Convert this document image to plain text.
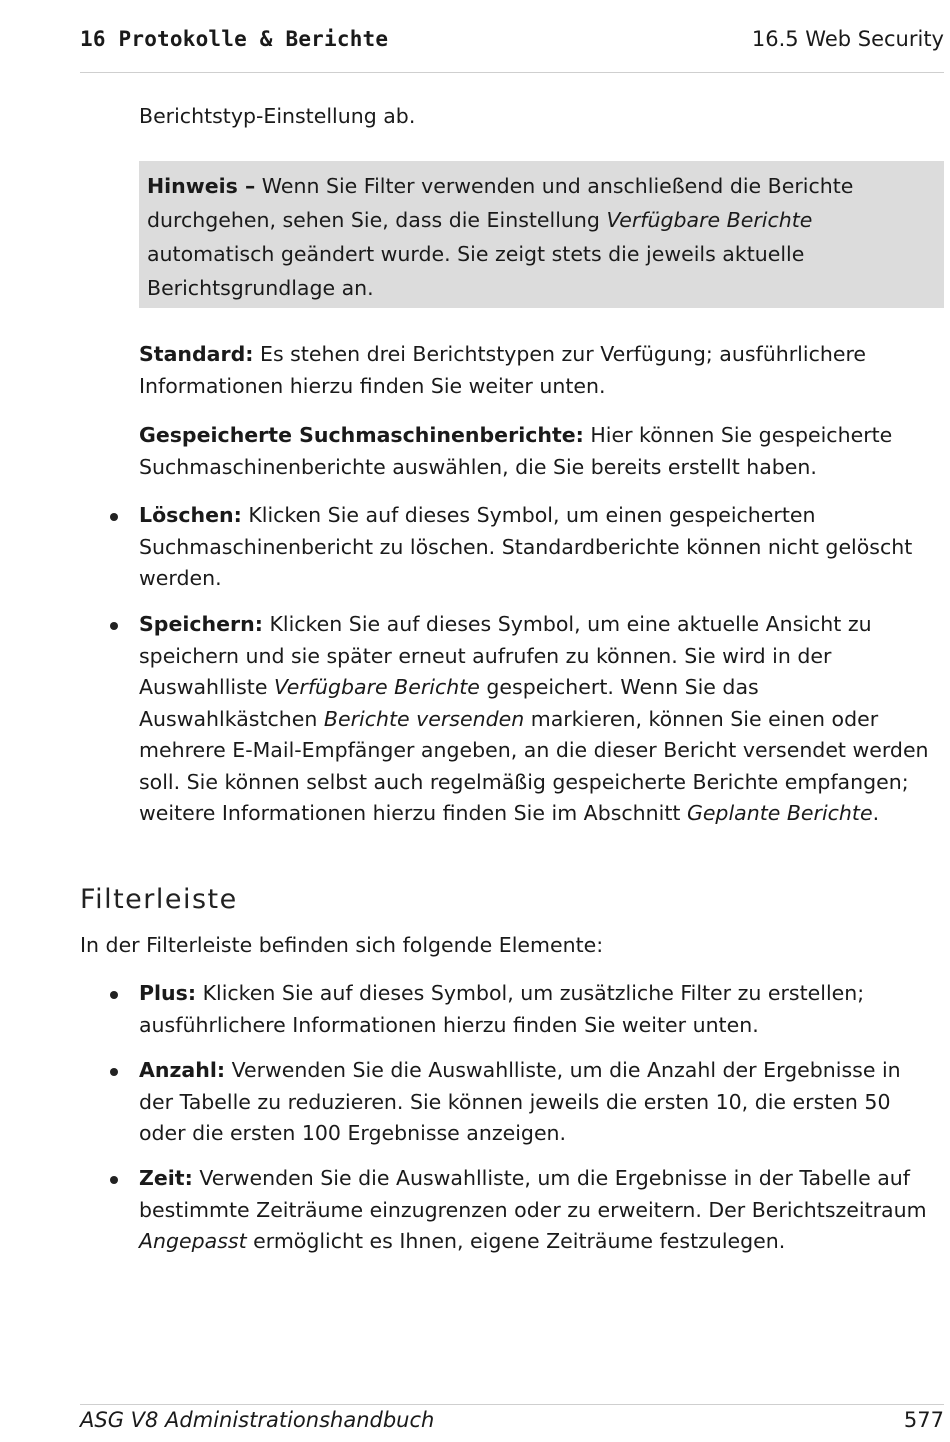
16 Protokolle & Berichte	16.5 Web Security
Berichtstyp-Einstellung ab.
Hinweis – Wenn Sie Filter verwenden und anschließend die Berichte durchgehen, sehen Sie, dass die Einstellung Verfügbare Berichte automatisch geändert wurde. Sie zeigt stets die jeweils aktuelle Berichtsgrundlage an.
Standard: Es stehen drei Berichtstypen zur Verfügung; ausführlichere Informationen hierzu finden Sie weiter unten.
Gespeicherte Suchmaschinenberichte: Hier können Sie gespeicherte Suchmaschinenberichte auswählen, die Sie bereits erstellt haben.
Löschen: Klicken Sie auf dieses Symbol, um einen gespeicherten Suchmaschinenbericht zu löschen. Standardberichte können nicht gelöscht werden.
Speichern: Klicken Sie auf dieses Symbol, um eine aktuelle Ansicht zu speichern und sie später erneut aufrufen zu können. Sie wird in der Auswahlliste Verfügbare Berichte gespeichert. Wenn Sie das Auswahlkästchen Berichte versenden markieren, können Sie einen oder mehrere E-Mail-Empfänger angeben, an die dieser Bericht versendet werden soll. Sie können selbst auch regelmäßig gespeicherte Berichte empfangen; weitere Informationen hierzu finden Sie im Abschnitt Geplante Berichte.
Filterleiste
In der Filterleiste befinden sich folgende Elemente:
Plus: Klicken Sie auf dieses Symbol, um zusätzliche Filter zu erstellen; ausführlichere Informationen hierzu finden Sie weiter unten.
Anzahl: Verwenden Sie die Auswahlliste, um die Anzahl der Ergebnisse in der Tabelle zu reduzieren. Sie können jeweils die ersten 10, die ersten 50 oder die ersten 100 Ergebnisse anzeigen.
Zeit: Verwenden Sie die Auswahlliste, um die Ergebnisse in der Tabelle auf bestimmte Zeiträume einzugrenzen oder zu erweitern. Der Berichtszeitraum Angepasst ermöglicht es Ihnen, eigene Zeiträume festzulegen.
ASG V8 Administrationshandbuch	577
